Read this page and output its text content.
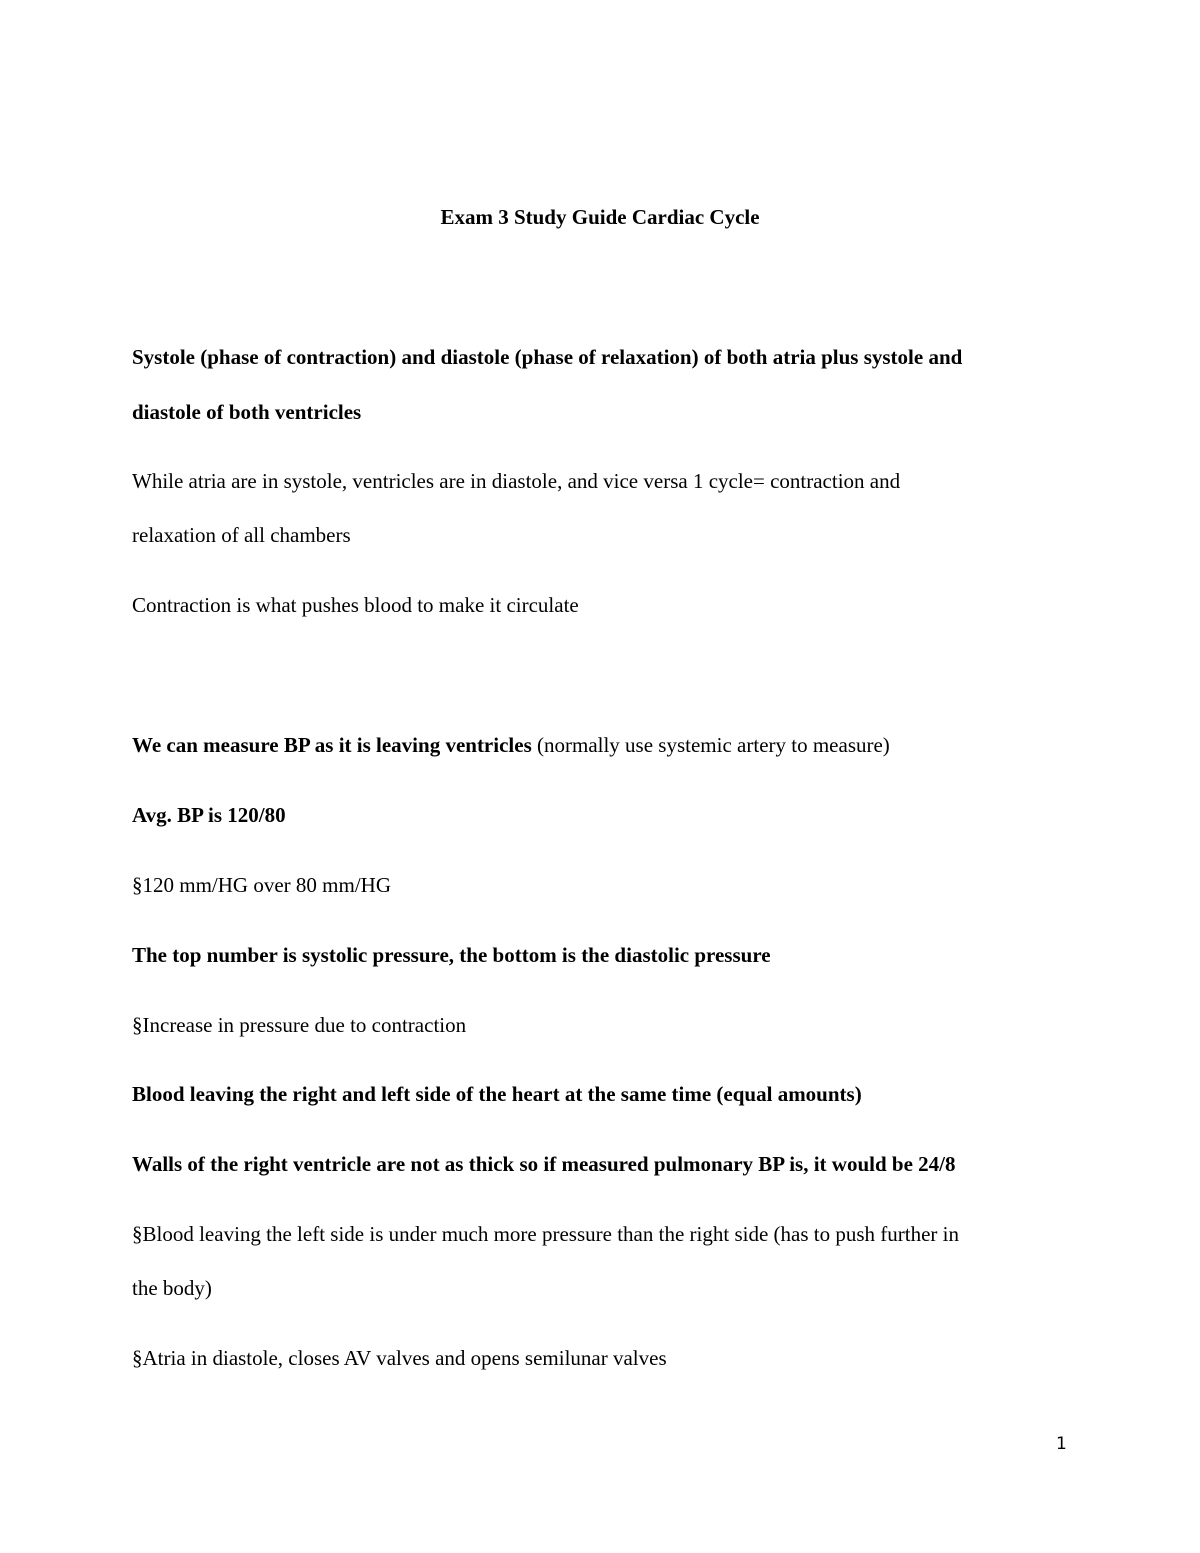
Exam 3 Study Guide Cardiac Cycle
Systole (phase of contraction) and diastole (phase of relaxation) of both atria plus systole and
diastole of both ventricles
While atria are in systole, ventricles are in diastole, and vice versa 1 cycle= contraction and
relaxation of all chambers
Contraction is what pushes blood to make it circulate
We can measure BP as it is leaving ventricles (normally use systemic artery to measure)
Avg. BP is 120/80
§120 mm/HG over 80 mm/HG
The top number is systolic pressure, the bottom is the diastolic pressure
§Increase in pressure due to contraction
Blood leaving the right and left side of the heart at the same time (equal amounts)
Walls of the right ventricle are not as thick so if measured pulmonary BP is, it would be 24/8
§Blood leaving the left side is under much more pressure than the right side (has to push further in
the body)
§Atria in diastole, closes AV valves and opens semilunar valves
1
